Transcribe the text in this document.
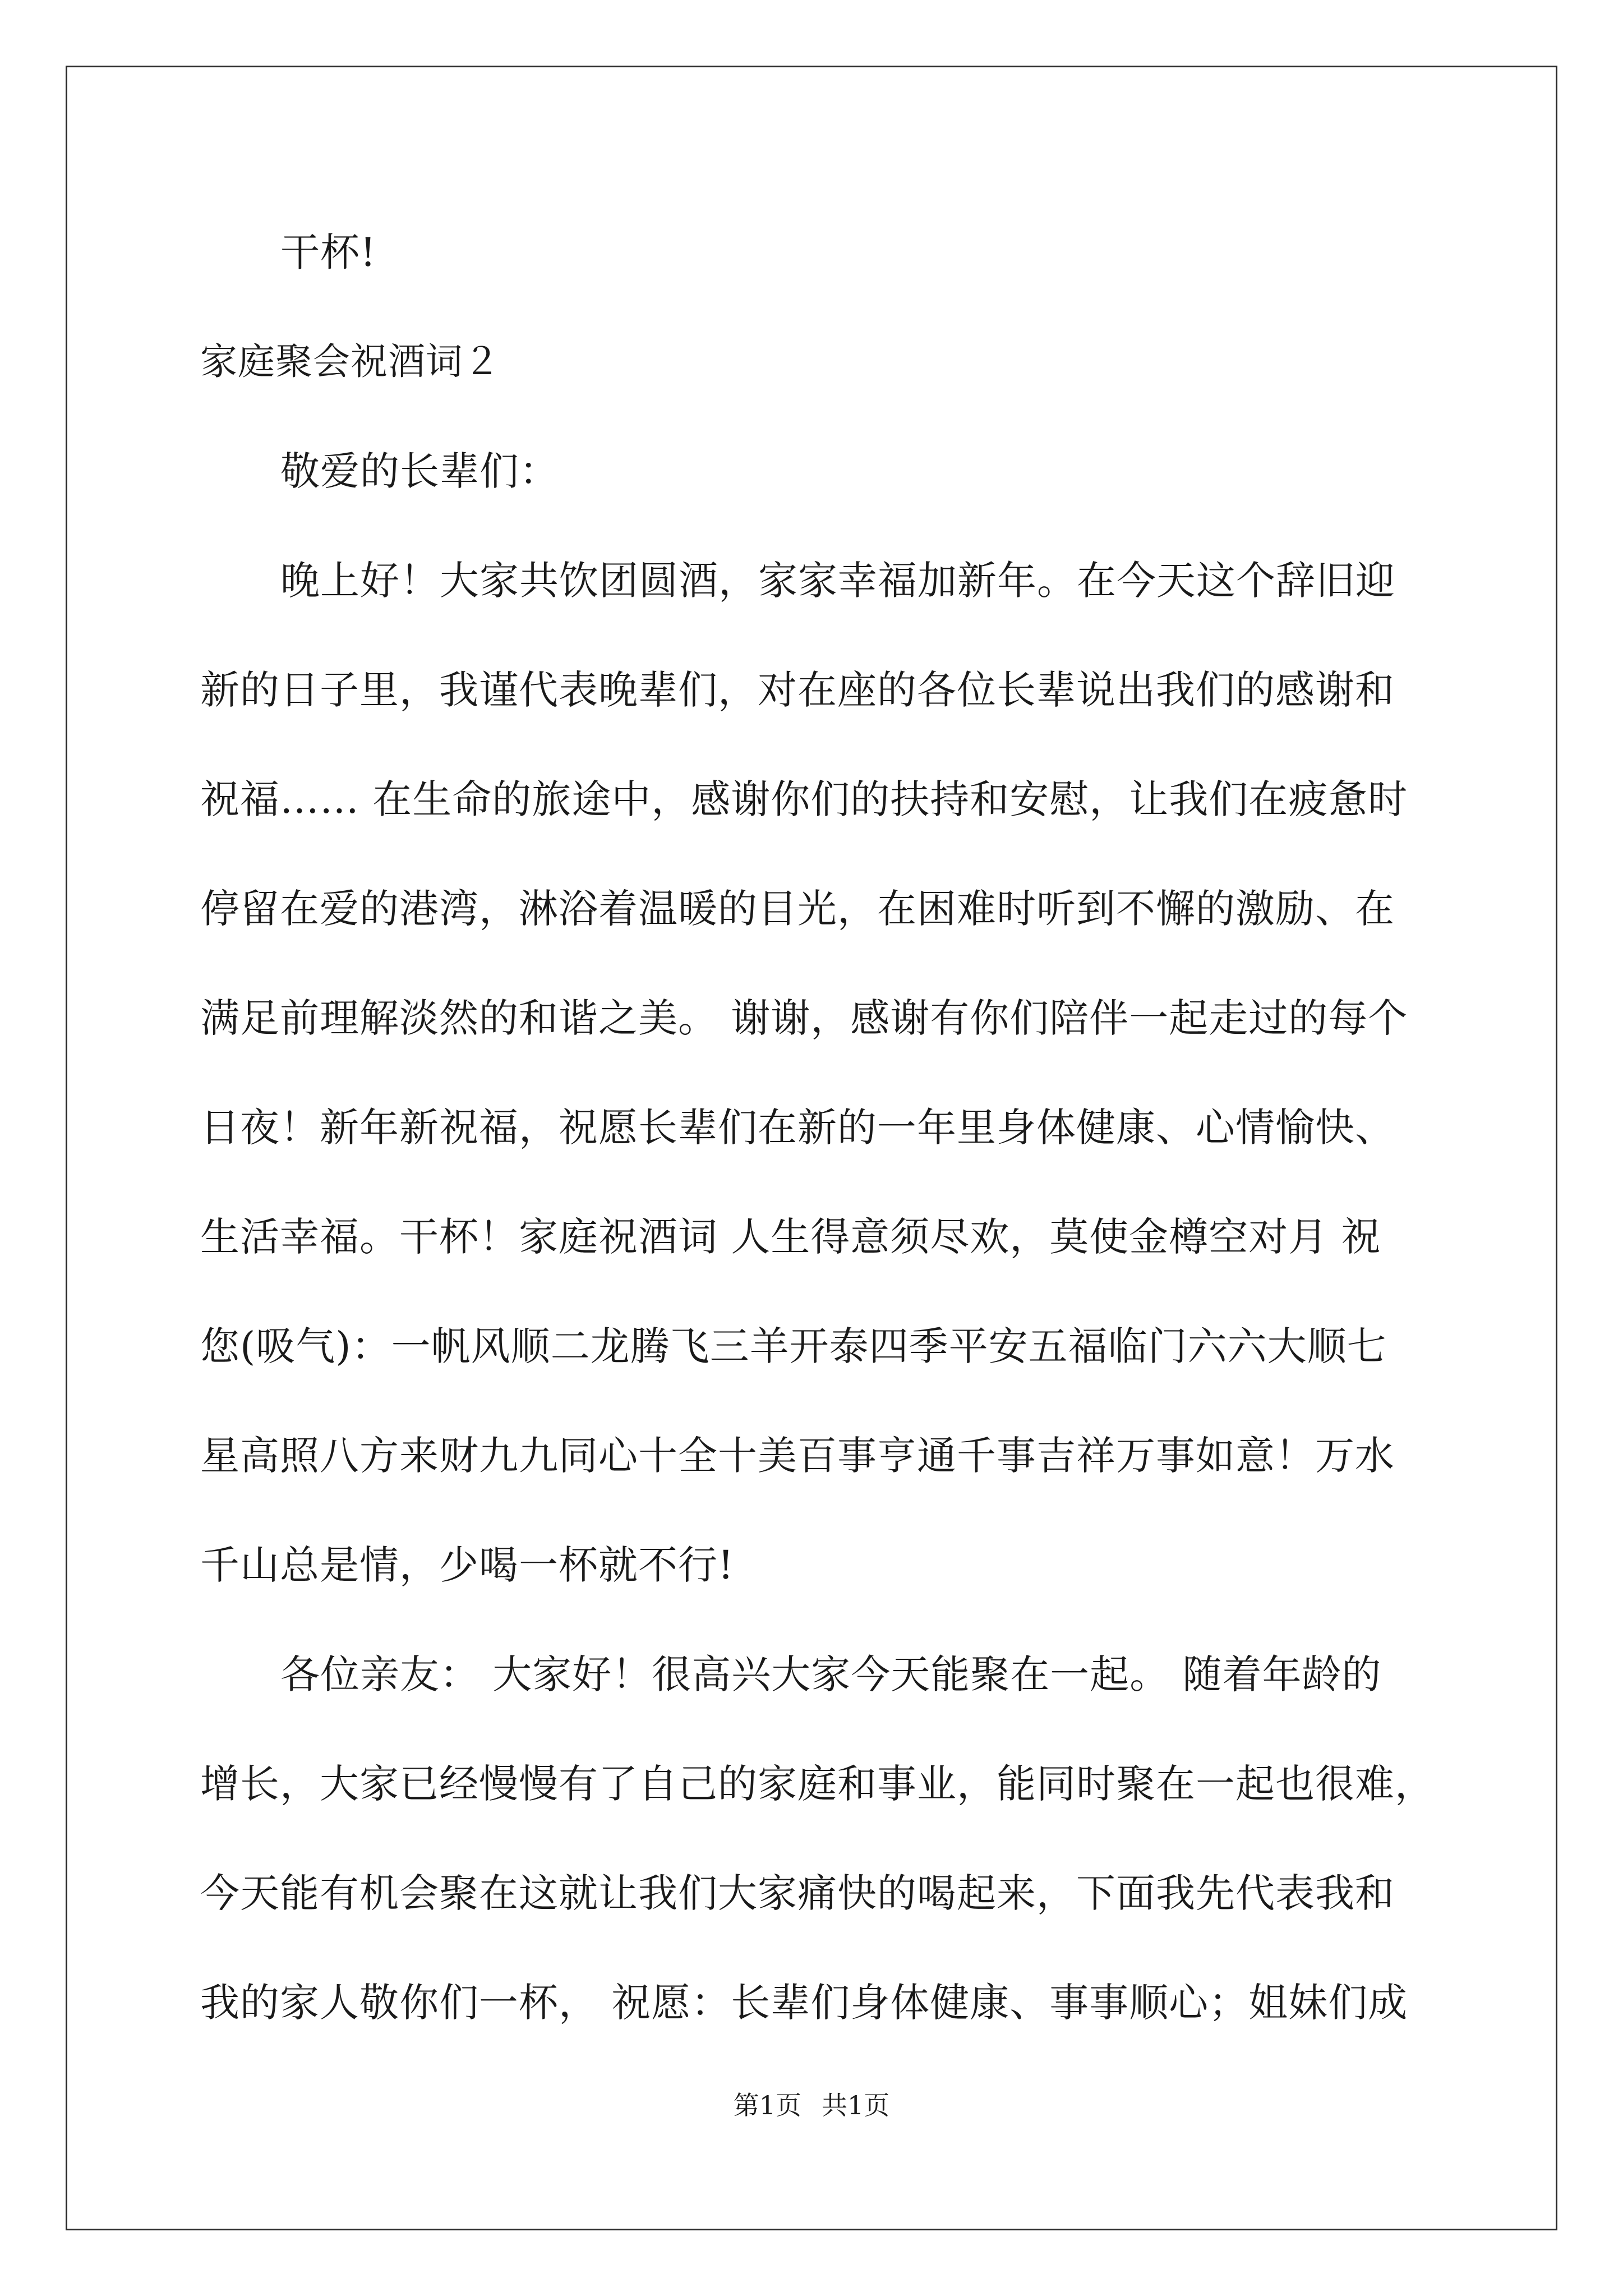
干杯!
家庭聚会祝酒词２
敬爱的长辈们：
晚上好！大家共饮团圆酒，家家幸福加新年。在今天这个辞旧迎
新的日子里，我谨代表晚辈们，对在座的各位长辈说出我们的感谢和
祝福…… 在生命的旅途中，感谢你们的扶持和安慰，让我们在疲惫时
停留在爱的港湾，淋浴着温暖的目光，在困难时听到不懈的激励、在
满足前理解淡然的和谐之美。 谢谢，感谢有你们陪伴一起走过的每个
日夜！新年新祝福，祝愿长辈们在新的一年里身体健康、心情愉快、
生活幸福。干杯！家庭祝酒词 人生得意须尽欢，莫使金樽空对月 祝
您(吸气)：一帆风顺二龙腾飞三羊开泰四季平安五福临门六六大顺七
星高照八方来财九九同心十全十美百事亨通千事吉祥万事如意！万水
千山总是情，少喝一杯就不行!
各位亲友： 大家好！很高兴大家今天能聚在一起。 随着年龄的
增长，大家已经慢慢有了自己的家庭和事业，能同时聚在一起也很难，
今天能有机会聚在这就让我们大家痛快的喝起来，下面我先代表我和
我的家人敬你们一杯， 祝愿：长辈们身体健康、事事顺心；姐妹们成
第1页 共1页
